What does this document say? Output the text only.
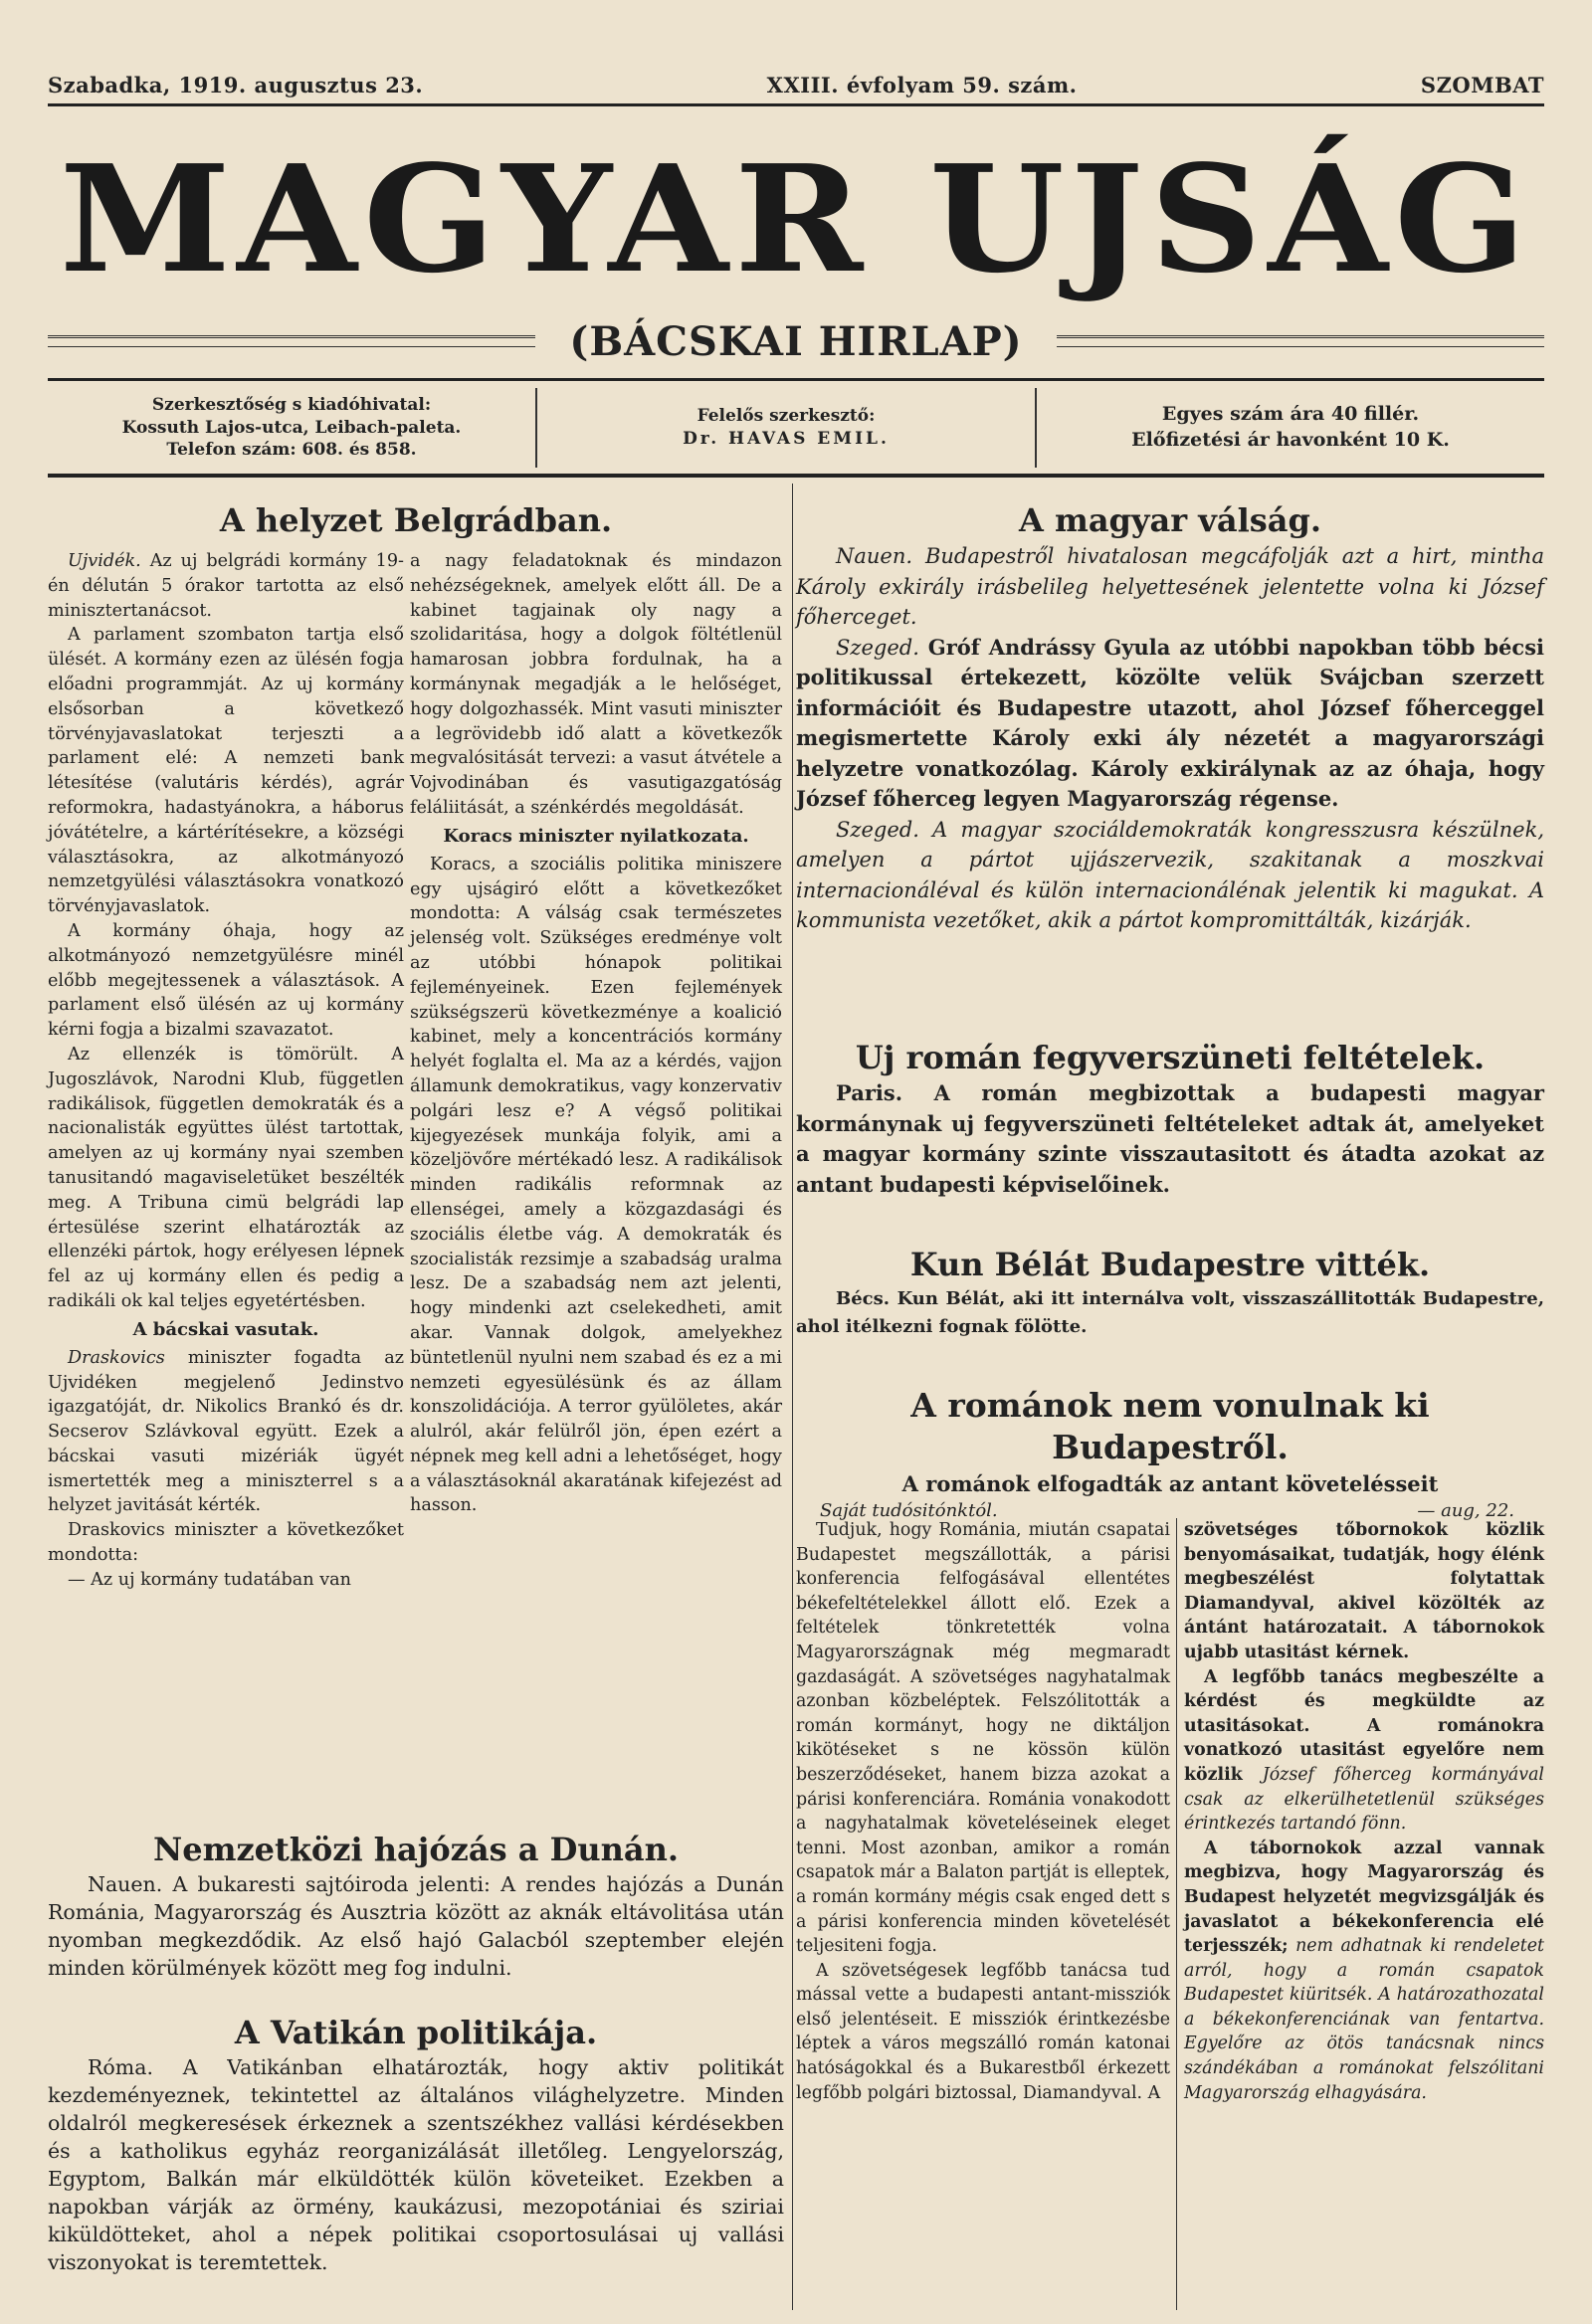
Szabadka, 1919. augusztus 23.	XXIII. évfolyam 59. szám.	SZOMBAT
MAGYAR UJSÁG
(BÁCSKAI HIRLAP)
Szerkesztőség s kiadóhivatal:
Kossuth Lajos-utca, Leibach-paleta.
Telefon szám: 608. és 858.
Felelős szerkesztő:
Dr. HAVAS EMIL.
Egyes szám ára 40 fillér.
Előfizetési ár havonként 10 K.
A helyzet Belgrádban.

Ujvidék. Az uj belgrádi kormány 19-én délután 5 órakor tartotta az első minisztertanácsot.

A parlament szombaton tartja első ülését. A kormány ezen az ülésén fogja előadni programmját. Az uj kormány elsősorban a következő törvényjavaslatokat terjeszti a parlament elé: A nemzeti bank létesítése (valutáris kérdés), agrár reformokra, hadastyánokra, a háborus jóvátételre, a kártérítésekre, a községi választásokra, az alkotmányozó nemzetgyülési választásokra vonatkozó törvényjavaslatok.

A kormány óhaja, hogy az alkotmányozó nemzetgyülésre minél előbb megejtessenek a választások. A parlament első ülésén az uj kormány kérni fogja a bizalmi szavazatot.

Az ellenzék is tömörült. A Jugoszlávok, Narodni Klub, független radikálisok, független demokraták és a nacionalisták együttes ülést tartottak, amelyen az uj kormány nyai szemben tanusitandó magaviseletüket beszélték meg. A Tribuna cimü belgrádi lap értesülése szerint elhatározták az ellenzéki pártok, hogy erélyesen lépnek fel az uj kormány ellen és pedig a radikáli ok kal teljes egyetértésben.

A bácskai vasutak.

Draskovics miniszter fogadta az Ujvidéken megjelenő Jedinstvo igazgatóját, dr. Nikolics Brankó és dr. Secserov Szlávkoval együtt. Ezek a bácskai vasuti mizériák ügyét ismertették meg a miniszterrel s a helyzet javitását kérték.

Draskovics miniszter a következőket mondotta:

— Az uj kormány tudatában van

a nagy feladatoknak és mindazon nehézségeknek, amelyek előtt áll. De a kabinet tagjainak oly nagy a szolidaritása, hogy a dolgok föltétlenül hamarosan jobbra fordulnak, ha a kormánynak megadják a le helőséget, hogy dolgozhassék. Mint vasuti miniszter a legrövidebb idő alatt a következők megvalósitását tervezi: a vasut átvétele a Vojvodinában és vasutigazgatóság feláliitását, a szénkérdés megoldását.

Koracs miniszter nyilatkozata.

Koracs, a szociális politika miniszere egy ujságiró előtt a következőket mondotta: A válság csak természetes jelenség volt. Szükséges eredménye volt az utóbbi hónapok politikai fejleményeinek. Ezen fejlemények szükségszerü következménye a koalició kabinet, mely a koncentrációs kormány helyét foglalta el. Ma az a kérdés, vajjon államunk demokratikus, vagy konzervativ polgári lesz e? A végső politikai kijegyezések munkája folyik, ami a közeljövőre mértékadó lesz. A radikálisok minden radikális reformnak az ellenségei, amely a közgazdasági és szociális életbe vág. A demokraták és szocialisták rezsimje a szabadság uralma lesz. De a szabadság nem azt jelenti, hogy mindenki azt cselekedheti, amit akar. Vannak dolgok, amelyekhez büntetlenül nyulni nem szabad és ez a mi nemzeti egyesülésünk és az állam konszolidációja. A terror gyülöletes, akár alulról, akár felülről jön, épen ezért a népnek meg kell adni a lehetőséget, hogy a választásoknál akaratának kifejezést ad hasson.

Nemzetközi hajózás a Dunán.

Nauen. A bukaresti sajtóiroda jelenti: A rendes hajózás a Dunán Románia, Magyarország és Ausztria között az aknák eltávolitása után nyomban megkezdődik. Az első hajó Galacból szeptember elején minden körülmények között meg fog indulni.

A Vatikán politikája.

Róma. A Vatikánban elhatározták, hogy aktiv politikát kezdeményeznek, tekintettel az általános világhelyzetre. Minden oldalról megkeresések érkeznek a szentszékhez vallási kérdésekben és a katholikus egyház reorganizálását illetőleg. Lengyelország, Egyptom, Balkán már elküldötték külön követeiket. Ezekben a napokban várják az örmény, kaukázusi, mezopotániai és sziriai kiküldötteket, ahol a népek politikai csoportosulásai uj vallási viszonyokat is teremtettek.

A magyar válság.

Nauen. Budapestről hivatalosan megcáfolják azt a hirt, mintha Károly exkirály irásbelileg helyettesének jelentette volna ki József főherceget.

Szeged. Gróf Andrássy Gyula az utóbbi napokban több bécsi politikussal értekezett, közölte velük Svájcban szerzett információit és Budapestre utazott, ahol József főherceggel megismertette Károly exki ály nézetét a magyarországi helyzetre vonatkozólag. Károly exkirálynak az az óhaja, hogy József főherceg legyen Magyarország régense.

Szeged. A magyar szociáldemokraták kongresszusra készülnek, amelyen a pártot ujjászervezik, szakitanak a moszkvai internacionáléval és külön internacionálénak jelentik ki magukat. A kommunista vezetőket, akik a pártot kompromittálták, kizárják.

Uj román fegyverszüneti feltételek.

Paris. A román megbizottak a budapesti magyar kormánynak uj fegyverszüneti feltételeket adtak át, amelyeket a magyar kormány szinte visszautasitott és átadta azokat az antant budapesti képviselőinek.

Kun Bélát Budapestre vitték.

Bécs. Kun Bélát, aki itt internálva volt, visszaszállitották Budapestre, ahol itélkezni fognak fölötte.

A románok nem vonulnak ki Budapestről.
A románok elfogadták az antant követelésseit
Saját tudósitónktól.	— aug, 22.

Tudjuk, hogy Románia, miután csapatai Budapestet megszállották, a párisi konferencia felfogásával ellentétes békefeltételekkel állott elő. Ezek a feltételek tönkretették volna Magyarországnak még megmaradt gazdaságát. A szövetséges nagyhatalmak azonban közbeléptek. Felszólitották a román kormányt, hogy ne diktáljon kikötéseket s ne kössön külön beszerződéseket, hanem bizza azokat a párisi konferenciára. Románia vonakodott a nagyhatalmak követeléseinek eleget tenni. Most azonban, amikor a román csapatok már a Balaton partját is elleptek, a román kormány mégis csak enged dett s a párisi konferencia minden követelését teljesiteni fogja.

A szövetségesek legfőbb tanácsa tud mással vette a budapesti antant-missziók első jelentéseit. E missziók érintkezésbe léptek a város megszálló román katonai hatóságokkal és a Bukarestből érkezett legfőbb polgári biztossal, Diamandyval. A

szövetséges tőbornokok közlik benyomásaikat, tudatják, hogy élénk megbeszélést folytattak Diamandyval, akivel közölték az ántánt határozatait. A tábornokok ujabb utasitást kérnek.

A legfőbb tanács megbeszélte a kérdést és megküldte az utasitásokat. A románokra vonatkozó utasitást egyelőre nem közlik József főherceg kormányával csak az elkerülhetetlenül szükséges érintkezés tartandó fönn.

A tábornokok azzal vannak megbizva, hogy Magyarország és Budapest helyzetét megvizsgálják és javaslatot a békekonferencia elé terjesszék; nem adhatnak ki rendeletet arról, hogy a román csapatok Budapestet kiüritsék. A határozathozatal a békekonferenciának van fentartva. Egyelőre az ötös tanácsnak nincs szándékában a románokat felszólitani Magyarország elhagyására.
